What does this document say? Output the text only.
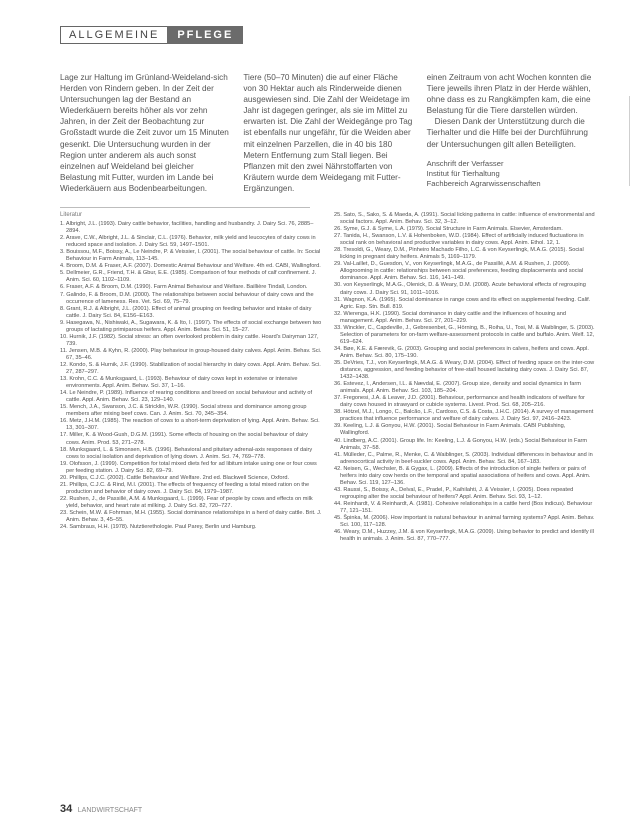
ALLGEMEINE	PFLEGE

Lage zur Haltung im Grünland-Weideland-sich Herden von Rindern geben. In der Zeit der Untersuchungen lag der Bestand an Wiederkäuern bereits höher als vor zehn Jahren, in der Zeit der Beobachtung zur Großstadt wurde die Zeit zuvor um 15 Minuten gesenkt. Die Untersuchung wurden in der Region unter anderem als auch sonst einzelnen auf Weideland bei gleicher Belastung mit Futter, wurden im Lande bei Wiederkäuern aus Bodenbearbeitungen.

Tiere (50–70 Minuten) die auf einer Fläche von 30 Hektar auch als Rinderweide dienen ausgewiesen sind. Die Zahl der Weidetage im Jahr ist dagegen geringer, als sie im Mittel zu erwarten ist. Die Zahl der Weidegänge pro Tag ist ebenfalls nur ungefähr, für die Weiden aber mit einzelnen Parzellen, die in 40 bis 180 Metern Entfernung zum Stall liegen. Bei Pflanzen mit den zwei Nährstoffarten von Kräutern wurde dem Weidegang mit Futter-Ergänzungen.

einen Zeitraum von acht Wochen konnten die Tiere jeweils ihren Platz in der Herde wählen, ohne dass es zu Rangkämpfen kam, die eine Belastung für die Tiere darstellen würden.

Diesen Dank der Unterstützung durch die Tierhalter und die Hilfe bei der Durchführung der Untersuchungen gilt allen Beteiligten.

Anschrift der Verfasser
Institut für Tierhaltung
Fachbereich Agrarwissenschaften
Literatur

1. Albright, J.L. (1993). Dairy cattle behavior, facilities, handling and husbandry. J. Dairy Sci. 76, 2885–2894.

2. Arave, C.W., Albright, J.L. & Sinclair, C.L. (1976). Behavior, milk yield and leucocytes of dairy cows in reduced space and isolation. J. Dairy Sci. 59, 1497–1501.

3. Bouissou, M.F., Boissy, A., Le Neindre, P. & Veissier, I. (2001). The social behaviour of cattle. In: Social Behaviour in Farm Animals, 113–145.

4. Broom, D.M. & Fraser, A.F. (2007). Domestic Animal Behaviour and Welfare. 4th ed. CABI, Wallingford.

5. Dellmeier, G.R., Friend, T.H. & Gbur, E.E. (1985). Comparison of four methods of calf confinement. J. Anim. Sci. 60, 1102–1109.

6. Fraser, A.F. & Broom, D.M. (1990). Farm Animal Behaviour and Welfare. Baillière Tindall, London.

7. Galindo, F. & Broom, D.M. (2000). The relationships between social behaviour of dairy cows and the occurrence of lameness. Res. Vet. Sci. 69, 75–79.

8. Grant, R.J. & Albright, J.L. (2001). Effect of animal grouping on feeding behavior and intake of dairy cattle. J. Dairy Sci. 84, E156–E163.

9. Hasegawa, N., Nishiwaki, A., Sugawara, K. & Ito, I. (1997). The effects of social exchange between two groups of lactating primiparous heifers. Appl. Anim. Behav. Sci. 51, 15–27.

10. Hurnik, J.F. (1982). Social stress: an often overlooked problem in dairy cattle. Hoard's Dairyman 127, 739.

11. Jensen, M.B. & Kyhn, R. (2000). Play behaviour in group-housed dairy calves. Appl. Anim. Behav. Sci. 67, 35–46.

12. Kondo, S. & Hurnik, J.F. (1990). Stabilization of social hierarchy in dairy cows. Appl. Anim. Behav. Sci. 27, 287–297.

13. Krohn, C.C. & Munksgaard, L. (1993). Behaviour of dairy cows kept in extensive or intensive environments. Appl. Anim. Behav. Sci. 37, 1–16.

14. Le Neindre, P. (1989). Influence of rearing conditions and breed on social behaviour and activity of cattle. Appl. Anim. Behav. Sci. 23, 129–140.

15. Mench, J.A., Swanson, J.C. & Stricklin, W.R. (1990). Social stress and dominance among group members after mixing beef cows. Can. J. Anim. Sci. 70, 345–354.

16. Metz, J.H.M. (1985). The reaction of cows to a short-term deprivation of lying. Appl. Anim. Behav. Sci. 13, 301–307.

17. Miller, K. & Wood-Gush, D.G.M. (1991). Some effects of housing on the social behaviour of dairy cows. Anim. Prod. 53, 271–278.

18. Munksgaard, L. & Simonsen, H.B. (1996). Behavioral and pituitary adrenal-axis responses of dairy cows to social isolation and deprivation of lying down. J. Anim. Sci. 74, 769–778.

19. Olofsson, J. (1999). Competition for total mixed diets fed for ad libitum intake using one or four cows per feeding station. J. Dairy Sci. 82, 69–79.

20. Phillips, C.J.C. (2002). Cattle Behaviour and Welfare. 2nd ed. Blackwell Science, Oxford.

21. Phillips, C.J.C. & Rind, M.I. (2001). The effects of frequency of feeding a total mixed ration on the production and behavior of dairy cows. J. Dairy Sci. 84, 1979–1987.

22. Rushen, J., de Passillé, A.M. & Munksgaard, L. (1999). Fear of people by cows and effects on milk yield, behavior, and heart rate at milking. J. Dairy Sci. 82, 720–727.

23. Schein, M.W. & Fohrman, M.H. (1955). Social dominance relationships in a herd of dairy cattle. Brit. J. Anim. Behav. 3, 45–55.

24. Sambraus, H.H. (1978). Nutztierethologie. Paul Parey, Berlin und Hamburg.

25. Sato, S., Sako, S. & Maeda, A. (1991). Social licking patterns in cattle: influence of environmental and social factors. Appl. Anim. Behav. Sci. 32, 3–12.

26. Syme, G.J. & Syme, L.A. (1979). Social Structure in Farm Animals. Elsevier, Amsterdam.

27. Tanida, H., Swanson, L.V. & Hohenboken, W.D. (1984). Effect of artificially induced fluctuations in social rank on behavioral and productive variables in dairy cows. Appl. Anim. Ethol. 12, 1.

28. Tresoldi, G., Weary, D.M., Pinheiro Machado Filho, L.C. & von Keyserlingk, M.A.G. (2015). Social licking in pregnant dairy heifers. Animals 5, 1169–1179.

29. Val-Laillet, D., Guesdon, V., von Keyserlingk, M.A.G., de Passillé, A.M. & Rushen, J. (2009). Allogrooming in cattle: relationships between social preferences, feeding displacements and social dominance. Appl. Anim. Behav. Sci. 116, 141–149.

30. von Keyserlingk, M.A.G., Olenick, D. & Weary, D.M. (2008). Acute behavioral effects of regrouping dairy cows. J. Dairy Sci. 91, 1011–1016.

31. Wagnon, K.A. (1965). Social dominance in range cows and its effect on supplemental feeding. Calif. Agric. Exp. Stn. Bull. 819.

32. Wierenga, H.K. (1990). Social dominance in dairy cattle and the influences of housing and management. Appl. Anim. Behav. Sci. 27, 201–229.

33. Winckler, C., Capdeville, J., Gebresenbet, G., Hörning, B., Roiha, U., Tosi, M. & Waiblinger, S. (2003). Selection of parameters for on-farm welfare-assessment protocols in cattle and buffalo. Anim. Welf. 12, 619–624.

34. Bøe, K.E. & Færevik, G. (2003). Grouping and social preferences in calves, heifers and cows. Appl. Anim. Behav. Sci. 80, 175–190.

35. DeVries, T.J., von Keyserlingk, M.A.G. & Weary, D.M. (2004). Effect of feeding space on the inter-cow distance, aggression, and feeding behavior of free-stall housed lactating dairy cows. J. Dairy Sci. 87, 1432–1438.

36. Estevez, I., Andersen, I.L. & Nævdal, E. (2007). Group size, density and social dynamics in farm animals. Appl. Anim. Behav. Sci. 103, 185–204.

37. Fregonesi, J.A. & Leaver, J.D. (2001). Behaviour, performance and health indicators of welfare for dairy cows housed in strawyard or cubicle systems. Livest. Prod. Sci. 68, 205–216.

38. Hötzel, M.J., Longo, C., Balcão, L.F., Cardoso, C.S. & Costa, J.H.C. (2014). A survey of management practices that influence performance and welfare of dairy calves. J. Dairy Sci. 97, 2416–2423.

39. Keeling, L.J. & Gonyou, H.W. (2001). Social Behaviour in Farm Animals. CABI Publishing, Wallingford.

40. Lindberg, A.C. (2001). Group life. In: Keeling, L.J. & Gonyou, H.W. (eds.) Social Behaviour in Farm Animals, 37–58.

41. Mülleder, C., Palme, R., Menke, C. & Waiblinger, S. (2003). Individual differences in behaviour and in adrenocortical activity in beef-suckler cows. Appl. Anim. Behav. Sci. 84, 167–183.

42. Neisen, G., Wechsler, B. & Gygax, L. (2009). Effects of the introduction of single heifers or pairs of heifers into dairy cow herds on the temporal and spatial associations of heifers and cows. Appl. Anim. Behav. Sci. 119, 127–136.

43. Raussi, S., Boissy, A., Delval, E., Pradel, P., Kaihilahti, J. & Veissier, I. (2005). Does repeated regrouping alter the social behaviour of heifers? Appl. Anim. Behav. Sci. 93, 1–12.

44. Reinhardt, V. & Reinhardt, A. (1981). Cohesive relationships in a cattle herd (Bos indicus). Behaviour 77, 121–151.

45. Špinka, M. (2006). How important is natural behaviour in animal farming systems? Appl. Anim. Behav. Sci. 100, 117–128.

46. Weary, D.M., Huzzey, J.M. & von Keyserlingk, M.A.G. (2009). Using behavior to predict and identify ill health in animals. J. Anim. Sci. 87, 770–777.

34 LANDWIRTSCHAFT
